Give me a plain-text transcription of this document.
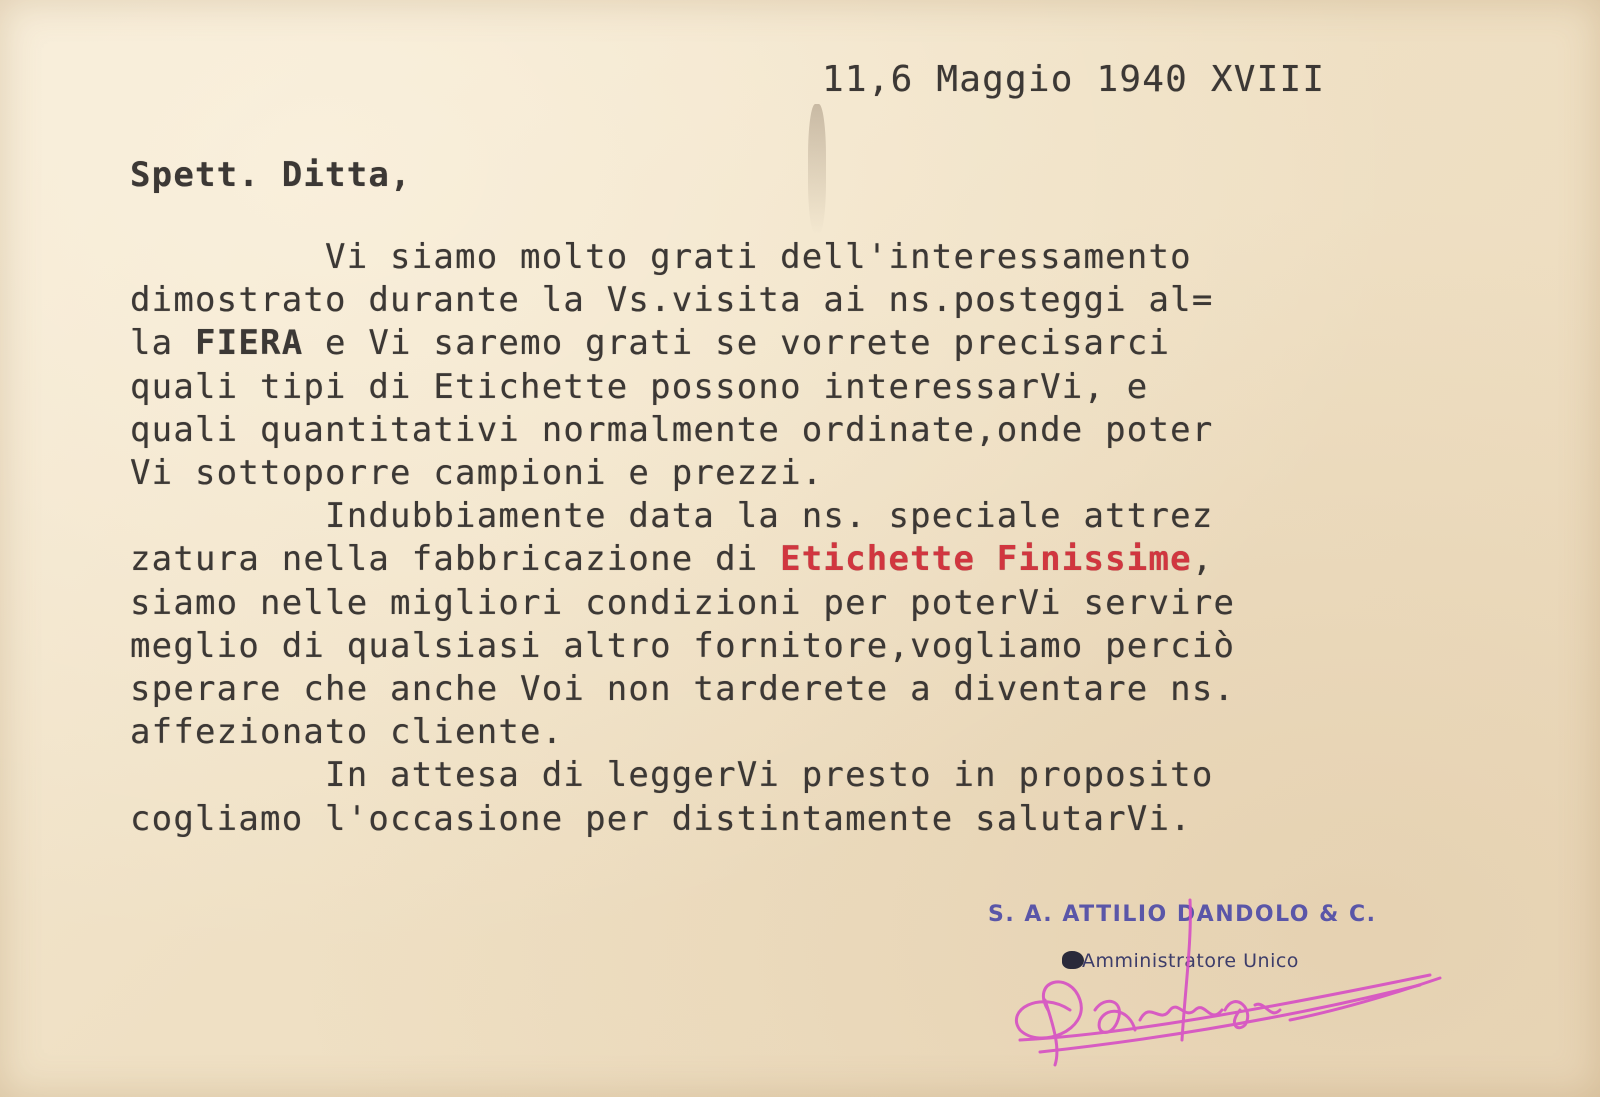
11,6 Maggio 1940 XVIII
Spett. Ditta,
Vi siamo molto grati dell'interessamento
dimostrato durante la Vs.visita ai ns.posteggi al=
la FIERA e Vi saremo grati se vorrete precisarci
quali tipi di Etichette possono interessarVi, e
quali quantitativi normalmente ordinate,onde poter
Vi sottoporre campioni e prezzi.
Indubbiamente data la ns. speciale attrez
zatura nella fabbricazione di Etichette Finissime,
siamo nelle migliori condizioni per poterVi servire
meglio di qualsiasi altro fornitore,vogliamo perciò
sperare che anche Voi non tarderete a diventare ns.
affezionato cliente.
In attesa di leggerVi presto in proposito
cogliamo l'occasione per distintamente salutarVi.
S. A. ATTILIO DANDOLO & C.
Amministratore Unico
